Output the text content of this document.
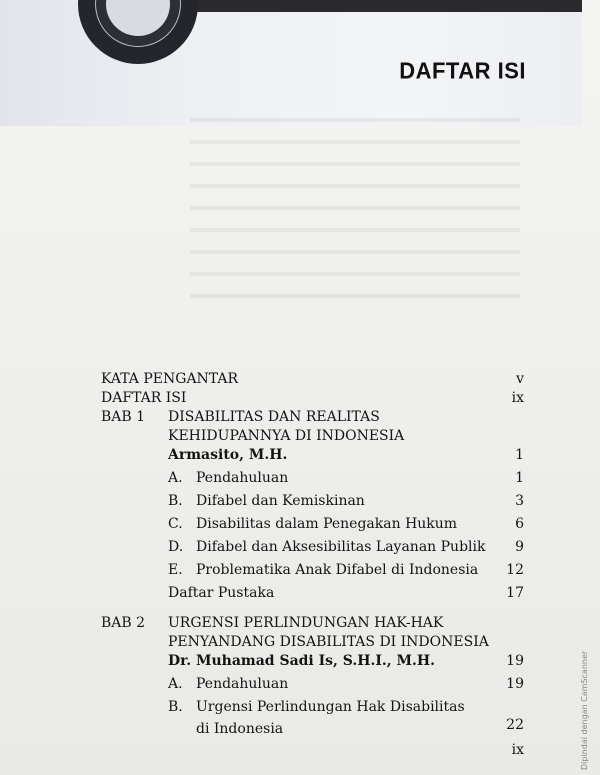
DAFTAR ISI
KATA PENGANTAR	v
DAFTAR ISI	ix
BAB 1 DISABILITAS DAN REALITAS
KEHIDUPANNYA DI INDONESIA
Armasito, M.H.	1
A. Pendahuluan	1
B. Difabel dan Kemiskinan	3
C. Disabilitas dalam Penegakan Hukum	6
D. Difabel dan Aksesibilitas Layanan Publik	9
E. Problematika Anak Difabel di Indonesia	12
Daftar Pustaka	17
BAB 2 URGENSI PERLINDUNGAN HAK-HAK
PENYANDANG DISABILITAS DI INDONESIA
Dr. Muhamad Sadi Is, S.H.I., M.H.	19
A. Pendahuluan	19
B. Urgensi Perlindungan Hak Disabilitas
di Indonesia	22
ix	Dipindai dengan CamScanner
